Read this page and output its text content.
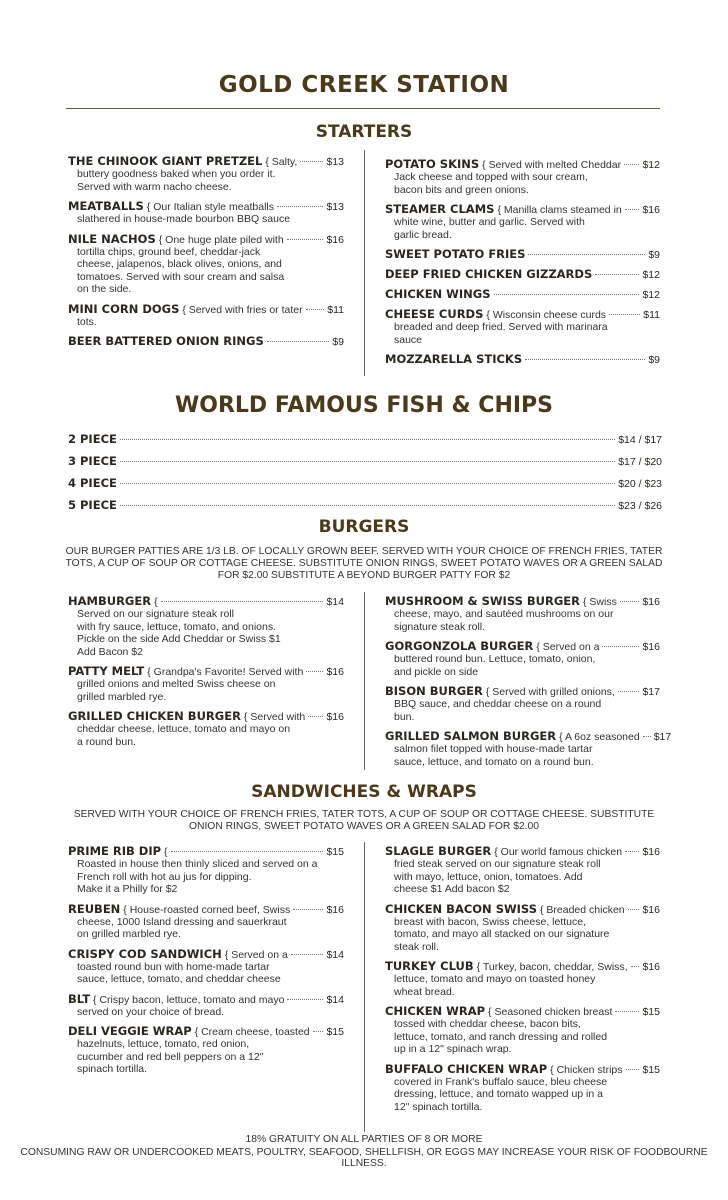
GOLD CREEK STATION
STARTERS
THE CHINOOK GIANT PRETZEL { Salty,	$13
buttery goodness baked when you order it.
Served with warm nacho cheese.
MEATBALLS { Our Italian style meatballs	$13
slathered in house-made bourbon BBQ sauce
NILE NACHOS { One huge plate piled with	$16
tortilla chips, ground beef, cheddar-jack
cheese, jalapenos, black olives, onions, and
tomatoes. Served with sour cream and salsa
on the side.
MINI CORN DOGS { Served with fries or tater $11
tots.
BEER BATTERED ONION RINGS	$9
POTATO SKINS { Served with melted Cheddar $12
Jack cheese and topped with sour cream,
bacon bits and green onions.
STEAMER CLAMS { Manilla clams steamed in $16
white wine, butter and garlic. Served with
garlic bread.
SWEET POTATO FRIES	$9
DEEP FRIED CHICKEN GIZZARDS	$12
CHICKEN WINGS	$12
CHEESE CURDS { Wisconsin cheese curds	$11
breaded and deep fried. Served with marinara
sauce
MOZZARELLA STICKS	$9
WORLD FAMOUS FISH & CHIPS
2 PIECE	$14 / $17
3 PIECE	$17 / $20
4 PIECE	$20 / $23
5 PIECE	$23 / $26
BURGERS
OUR BURGER PATTIES ARE 1/3 LB. OF LOCALLY GROWN BEEF. SERVED WITH YOUR CHOICE OF FRENCH FRIES, TATER TOTS, A CUP OF SOUP OR COTTAGE CHEESE. SUBSTITUTE ONION RINGS, SWEET POTATO WAVES OR A GREEN SALAD FOR $2.00 SUBSTITUTE A BEYOND BURGER PATTY FOR $2
HAMBURGER {	$14
Served on our signature steak roll
with fry sauce, lettuce, tomato, and onions.
Pickle on the side Add Cheddar or Swiss $1
Add Bacon $2
PATTY MELT { Grandpa's Favorite! Served with $16
grilled onions and melted Swiss cheese on
grilled marbled rye.
GRILLED CHICKEN BURGER { Served with $16
cheddar cheese, lettuce, tomato and mayo on
a round bun.
MUSHROOM & SWISS BURGER { Swiss $16
cheese, mayo, and sautéed mushrooms on our
signature steak roll.
GORGONZOLA BURGER { Served on a	$16
buttered round bun. Lettuce, tomato, onion,
and pickle on side
BISON BURGER { Served with grilled onions,	$17
BBQ sauce, and cheddar cheese on a round
bun.
GRILLED SALMON BURGER { A 6oz seasoned $17
salmon filet topped with house-made tartar
sauce, lettuce, and tomato on a round bun.
SANDWICHES & WRAPS
SERVED WITH YOUR CHOICE OF FRENCH FRIES, TATER TOTS, A CUP OF SOUP OR COTTAGE CHEESE. SUBSTITUTE ONION RINGS, SWEET POTATO WAVES OR A GREEN SALAD FOR $2.00
PRIME RIB DIP {	$15
Roasted in house then thinly sliced and served on a
French roll with hot au jus for dipping.
Make it a Philly for $2
REUBEN { House-roasted corned beef, Swiss	$16
cheese, 1000 Island dressing and sauerkraut
on grilled marbled rye.
CRISPY COD SANDWICH { Served on a	$14
toasted round bun with home-made tartar
sauce, lettuce, tomato, and cheddar cheese
BLT { Crispy bacon, lettuce, tomato and mayo	$14
served on your choice of bread.
DELI VEGGIE WRAP { Cream cheese, toasted $15
hazelnuts, lettuce, tomato, red onion,
cucumber and red bell peppers on a 12"
spinach tortilla.
SLAGLE BURGER { Our world famous chicken $16
fried steak served on our signature steak roll
with mayo, lettuce, onion, tomatoes. Add
cheese $1 Add bacon $2
CHICKEN BACON SWISS { Breaded chicken $16
breast with bacon, Swiss cheese, lettuce,
tomato, and mayo all stacked on our signature
steak roll.
TURKEY CLUB { Turkey, bacon, cheddar, Swiss, $16
lettuce, tomato and mayo on toasted honey
wheat bread.
CHICKEN WRAP { Seasoned chicken breast	$15
tossed with cheddar cheese, bacon bits,
lettuce, tomato, and ranch dressing and rolled
up in a 12" spinach wrap.
BUFFALO CHICKEN WRAP { Chicken strips $15
covered in Frank's buffalo sauce, bleu cheese
dressing, lettuce, and tomato wapped up in a
12" spinach tortilla.
18% GRATUITY ON ALL PARTIES OF 8 OR MORE
CONSUMING RAW OR UNDERCOOKED MEATS, POULTRY, SEAFOOD, SHELLFISH, OR EGGS MAY INCREASE YOUR RISK OF FOODBOURNE ILLNESS.
